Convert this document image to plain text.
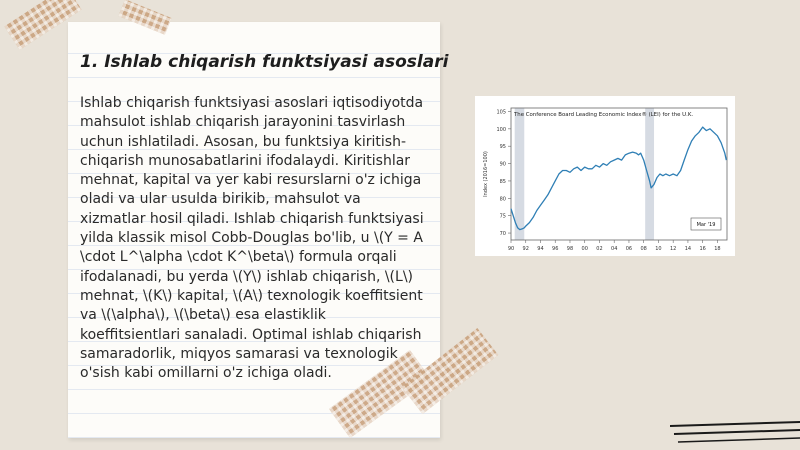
1. Ishlab chiqarish funktsiyasi asoslari

Ishlab chiqarish funktsiyasi asoslari iqtisodiyotda mahsulot ishlab chiqarish jarayonini tasvirlash uchun ishlatiladi. Asosan, bu funktsiya kiritish-chiqarish munosabatlarini ifodalaydi. Kiritishlar mehnat, kapital va yer kabi resurslarni o'z ichiga oladi va ular usulda birikib, mahsulot va xizmatlar hosil qiladi. Ishlab chiqarish funktsiyasi yilda klassik misol Cobb-Douglas bo'lib, u \(Y = A \cdot L^\alpha \cdot K^\beta\) formula orqali ifodalanadi, bu yerda \(Y\) ishlab chiqarish, \(L\) mehnat, \(K\) kapital, \(A\) texnologik koeffitsient va \(\alpha\), \(\beta\) esa elastiklik koeffitsientlari sanaladi. Optimal ishlab chiqarish samaradorlik, miqyos samarasi va texnologik o'sish kabi omillarni o'z ichiga oladi.

70
75
80
85
90
95
100
105
90 92 94 96 98 00 02 04 06 08 10 12 14 16 18
Index (2016=100)
The Conference Board Leading Economic Index® (LEI) for the U.K.
Mar '19
